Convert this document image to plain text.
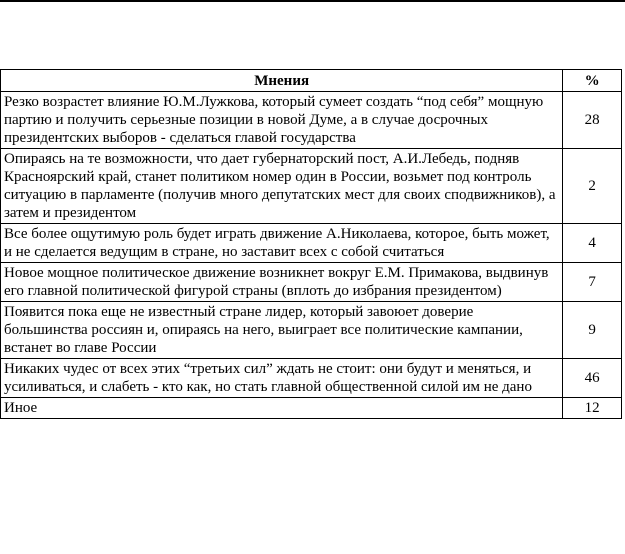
Мнения	%
Резко возрастет влияние Ю.М.Лужкова, который сумеет создать “под себя” мощную партию и получить серьезные позиции в новой Думе, а в случае досрочных президентских выборов - сделаться главой государства	28
Опираясь на те возможности, что дает губернаторский пост, А.И.Лебедь, подняв Красноярский край, станет политиком номер один в России, возьмет под контроль ситуацию в парламенте (получив много депутатских мест для своих сподвижников), а затем и президентом	2
Все более ощутимую роль будет играть движение А.Николаева, которое, быть может, и не сделается ведущим в стране, но заставит всех с собой считаться	4
Новое мощное политическое движение возникнет вокруг Е.М. Примакова, выдвинув его главной политической фигурой страны (вплоть до избрания президентом)	7
Появится пока еще не известный стране лидер, который завоюет доверие большинства россиян и, опираясь на него, выиграет все политические кампании, встанет во главе России	9
Никаких чудес от всех этих “третьих сил” ждать не стоит: они будут и меняться, и усиливаться, и слабеть - кто как, но стать главной общественной силой им не дано	46
Иное	12
